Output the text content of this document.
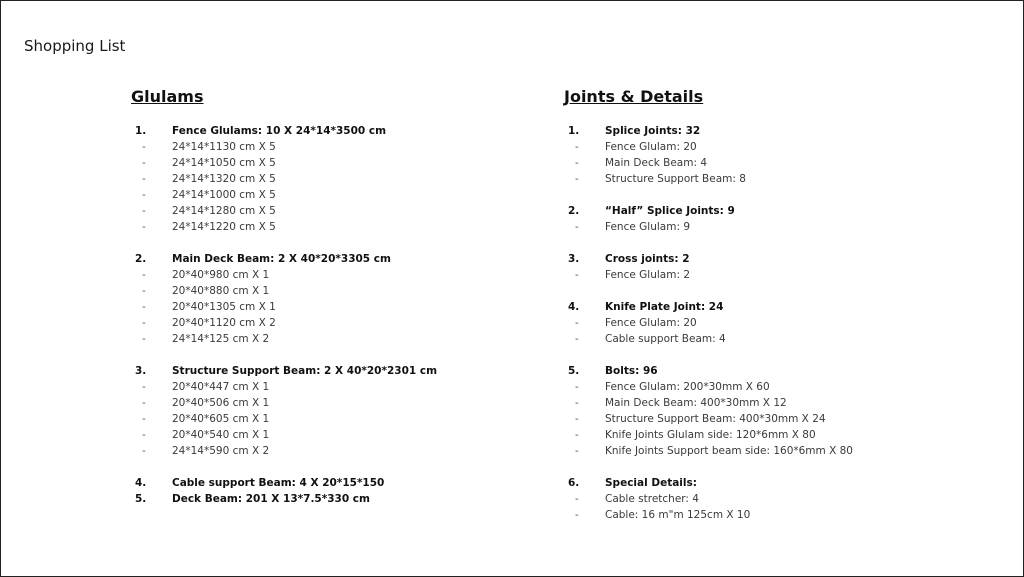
Shopping List
Glulams
1.	Fence Glulams: 10 X 24*14*3500 cm
-	24*14*1130 cm X 5
-	24*14*1050 cm X 5
-	24*14*1320 cm X 5
-	24*14*1000 cm X 5
-	24*14*1280 cm X 5
-	24*14*1220 cm X 5
2.	Main Deck Beam: 2 X 40*20*3305 cm
-	20*40*980 cm X 1
-	20*40*880 cm X 1
-	20*40*1305 cm X 1
-	20*40*1120 cm X 2
-	24*14*125 cm X 2
3.	Structure Support Beam: 2 X 40*20*2301 cm
-	20*40*447 cm X 1
-	20*40*506 cm X 1
-	20*40*605 cm X 1
-	20*40*540 cm X 1
-	24*14*590 cm X 2
4.	Cable support Beam: 4 X 20*15*150
5.	Deck Beam: 201 X 13*7.5*330 cm
Joints & Details
1.	Splice Joints: 32
-	Fence Glulam: 20
-	Main Deck Beam: 4
-	Structure Support Beam: 8
2.	“Half” Splice Joints: 9
-	Fence Glulam: 9
3.	Cross joints: 2
-	Fence Glulam: 2
4.	Knife Plate Joint: 24
-	Fence Glulam: 20
-	Cable support Beam: 4
5.	Bolts: 96
-	Fence Glulam: 200*30mm X 60
-	Main Deck Beam: 400*30mm X 12
-	Structure Support Beam: 400*30mm X 24
-	Knife Joints Glulam side: 120*6mm X 80
-	Knife Joints Support beam side: 160*6mm X 80
6.	Special Details:
-	Cable stretcher: 4
-	Cable: 16 m"m 125cm X 10
